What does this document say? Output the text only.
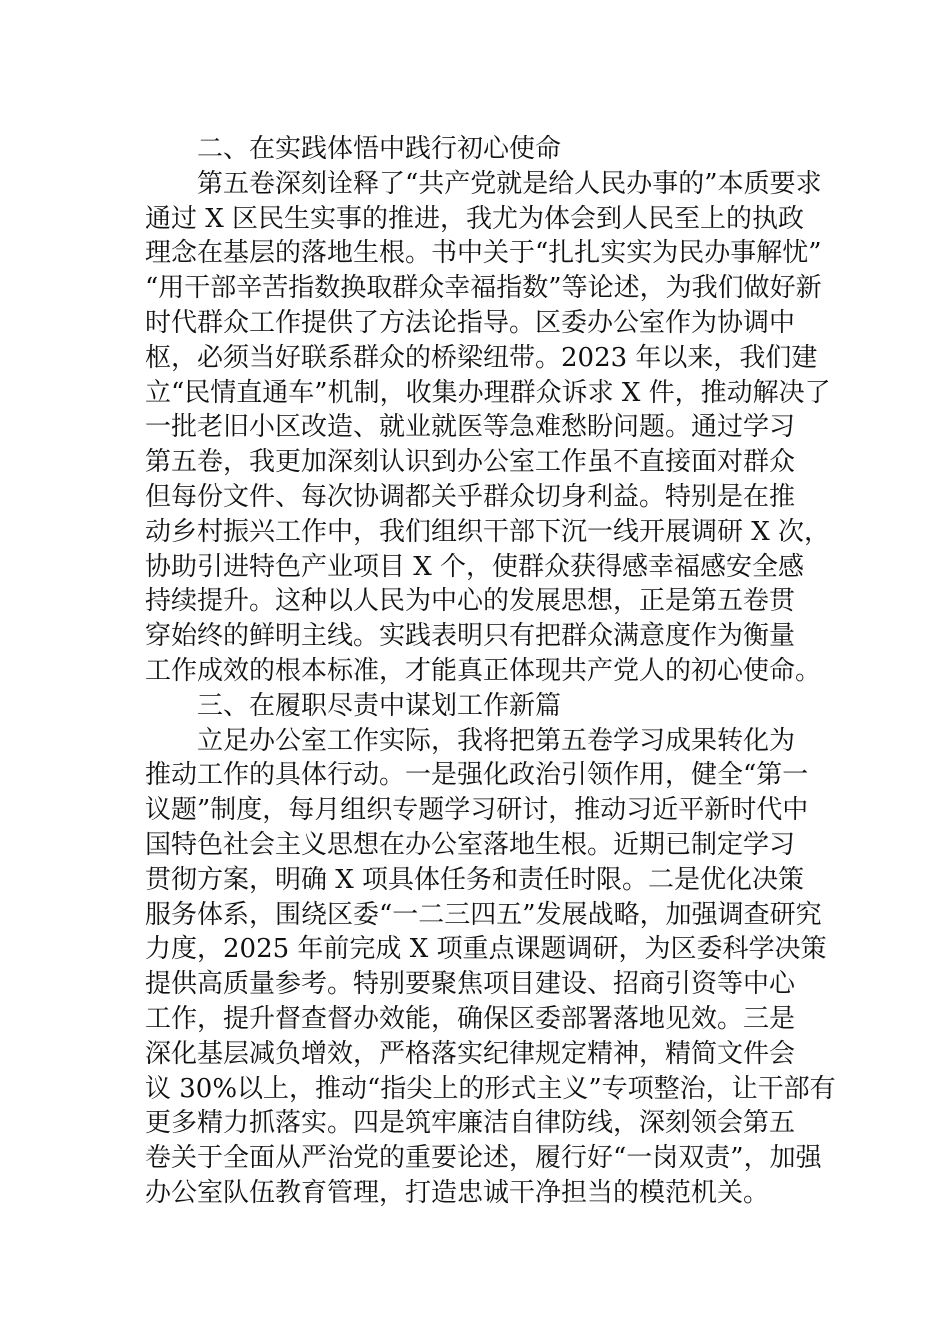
二、在实践体悟中践行初心使命
第五卷深刻诠释了“共产党就是给人民办事的”本质要求
通过 X 区民生实事的推进，我尤为体会到人民至上的执政
理念在基层的落地生根。书中关于“扎扎实实为民办事解忧”
“用干部辛苦指数换取群众幸福指数”等论述，为我们做好新
时代群众工作提供了方法论指导。区委办公室作为协调中
枢，必须当好联系群众的桥梁纽带。2023 年以来，我们建
立“民情直通车”机制，收集办理群众诉求 X 件，推动解决了
一批老旧小区改造、就业就医等急难愁盼问题。通过学习
第五卷，我更加深刻认识到办公室工作虽不直接面对群众
但每份文件、每次协调都关乎群众切身利益。特别是在推
动乡村振兴工作中，我们组织干部下沉一线开展调研 X 次，
协助引进特色产业项目 X 个，使群众获得感幸福感安全感
持续提升。这种以人民为中心的发展思想，正是第五卷贯
穿始终的鲜明主线。实践表明只有把群众满意度作为衡量
工作成效的根本标准，才能真正体现共产党人的初心使命。
三、在履职尽责中谋划工作新篇
立足办公室工作实际，我将把第五卷学习成果转化为
推动工作的具体行动。一是强化政治引领作用，健全“第一
议题”制度，每月组织专题学习研讨，推动习近平新时代中
国特色社会主义思想在办公室落地生根。近期已制定学习
贯彻方案，明确 X 项具体任务和责任时限。二是优化决策
服务体系，围绕区委“一二三四五”发展战略，加强调查研究
力度，2025 年前完成 X 项重点课题调研，为区委科学决策
提供高质量参考。特别要聚焦项目建设、招商引资等中心
工作，提升督查督办效能，确保区委部署落地见效。三是
深化基层减负增效，严格落实纪律规定精神，精简文件会
议 30%以上，推动“指尖上的形式主义”专项整治，让干部有
更多精力抓落实。四是筑牢廉洁自律防线，深刻领会第五
卷关于全面从严治党的重要论述，履行好“一岗双责”，加强
办公室队伍教育管理，打造忠诚干净担当的模范机关。
